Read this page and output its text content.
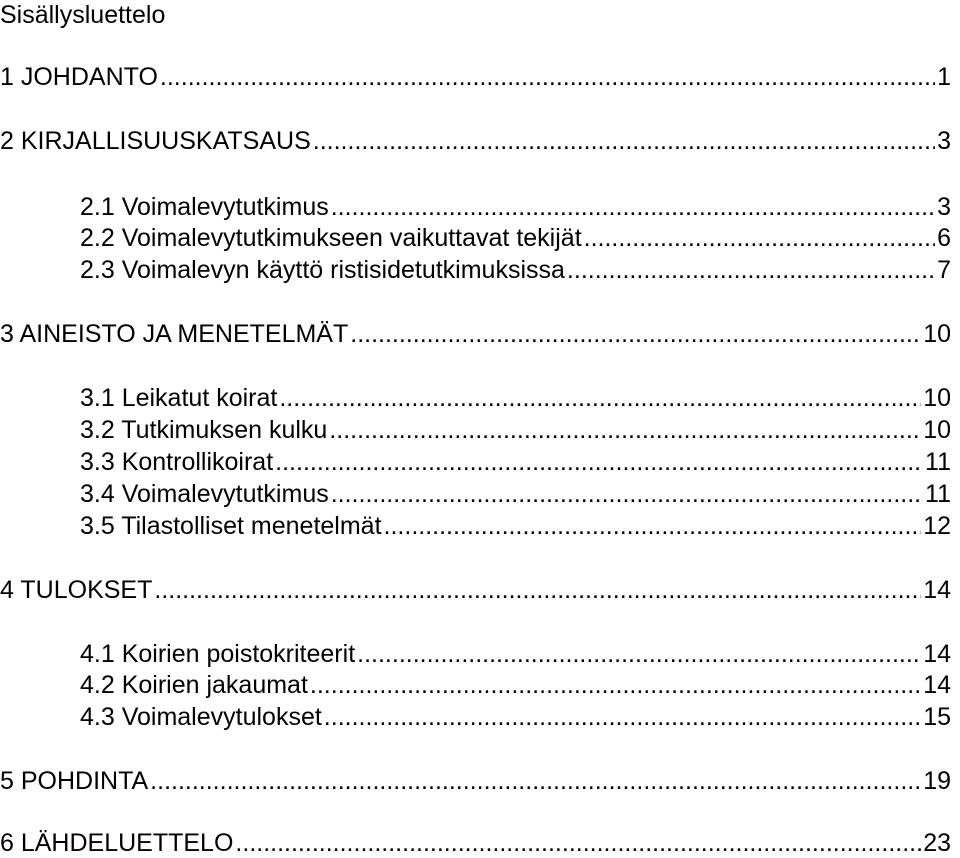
Sisällysluettelo
1 JOHDANTO .....	1
2 KIRJALLISUUSKATSAUS .....	3
2.1 Voimalevytutkimus .....	3
2.2 Voimalevytutkimukseen vaikuttavat tekijät .....	6
2.3 Voimalevyn käyttö ristisidetutkimuksissa .....	7
3 AINEISTO JA MENETELMÄT .....	10
3.1 Leikatut koirat .....	10
3.2 Tutkimuksen kulku .....	10
3.3 Kontrollikoirat .....	11
3.4 Voimalevytutkimus .....	11
3.5 Tilastolliset menetelmät .....	12
4 TULOKSET .....	14
4.1 Koirien poistokriteerit .....	14
4.2 Koirien jakaumat .....	14
4.3 Voimalevytulokset .....	15
5 POHDINTA .....	19
6 LÄHDELUETTELO .....	23
